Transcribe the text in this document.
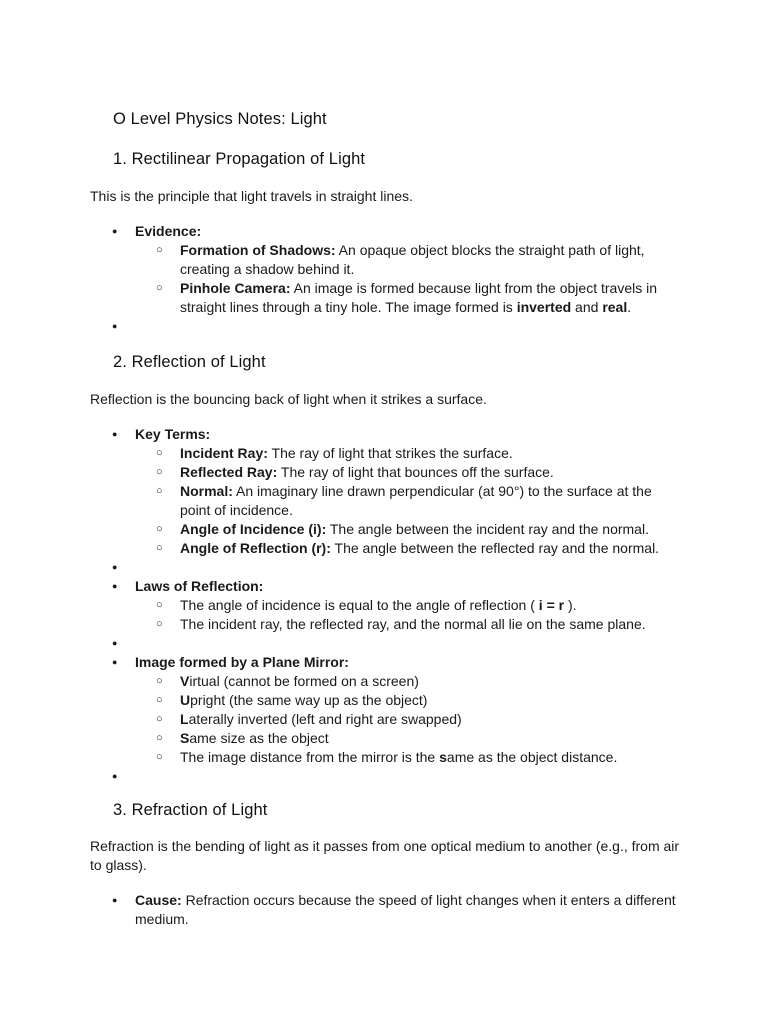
O Level Physics Notes: Light
1. Rectilinear Propagation of Light

This is the principle that light travels in straight lines.

● Evidence:
○ Formation of Shadows: An opaque object blocks the straight path of light, creating a shadow behind it.
○ Pinhole Camera: An image is formed because light from the object travels in straight lines through a tiny hole. The image formed is inverted and real.
●
2. Reflection of Light

Reflection is the bouncing back of light when it strikes a surface.

● Key Terms:
○ Incident Ray: The ray of light that strikes the surface.
○ Reflected Ray: The ray of light that bounces off the surface.
○ Normal: An imaginary line drawn perpendicular (at 90°) to the surface at the point of incidence.
○ Angle of Incidence (i): The angle between the incident ray and the normal.
○ Angle of Reflection (r): The angle between the reflected ray and the normal.
●
● Laws of Reflection:
○ The angle of incidence is equal to the angle of reflection ( i = r ).
○ The incident ray, the reflected ray, and the normal all lie on the same plane.
●
● Image formed by a Plane Mirror:
○ Virtual (cannot be formed on a screen)
○ Upright (the same way up as the object)
○ Laterally inverted (left and right are swapped)
○ Same size as the object
○ The image distance from the mirror is the same as the object distance.
●
3. Refraction of Light

Refraction is the bending of light as it passes from one optical medium to another (e.g., from air to glass).

● Cause: Refraction occurs because the speed of light changes when it enters a different medium.
